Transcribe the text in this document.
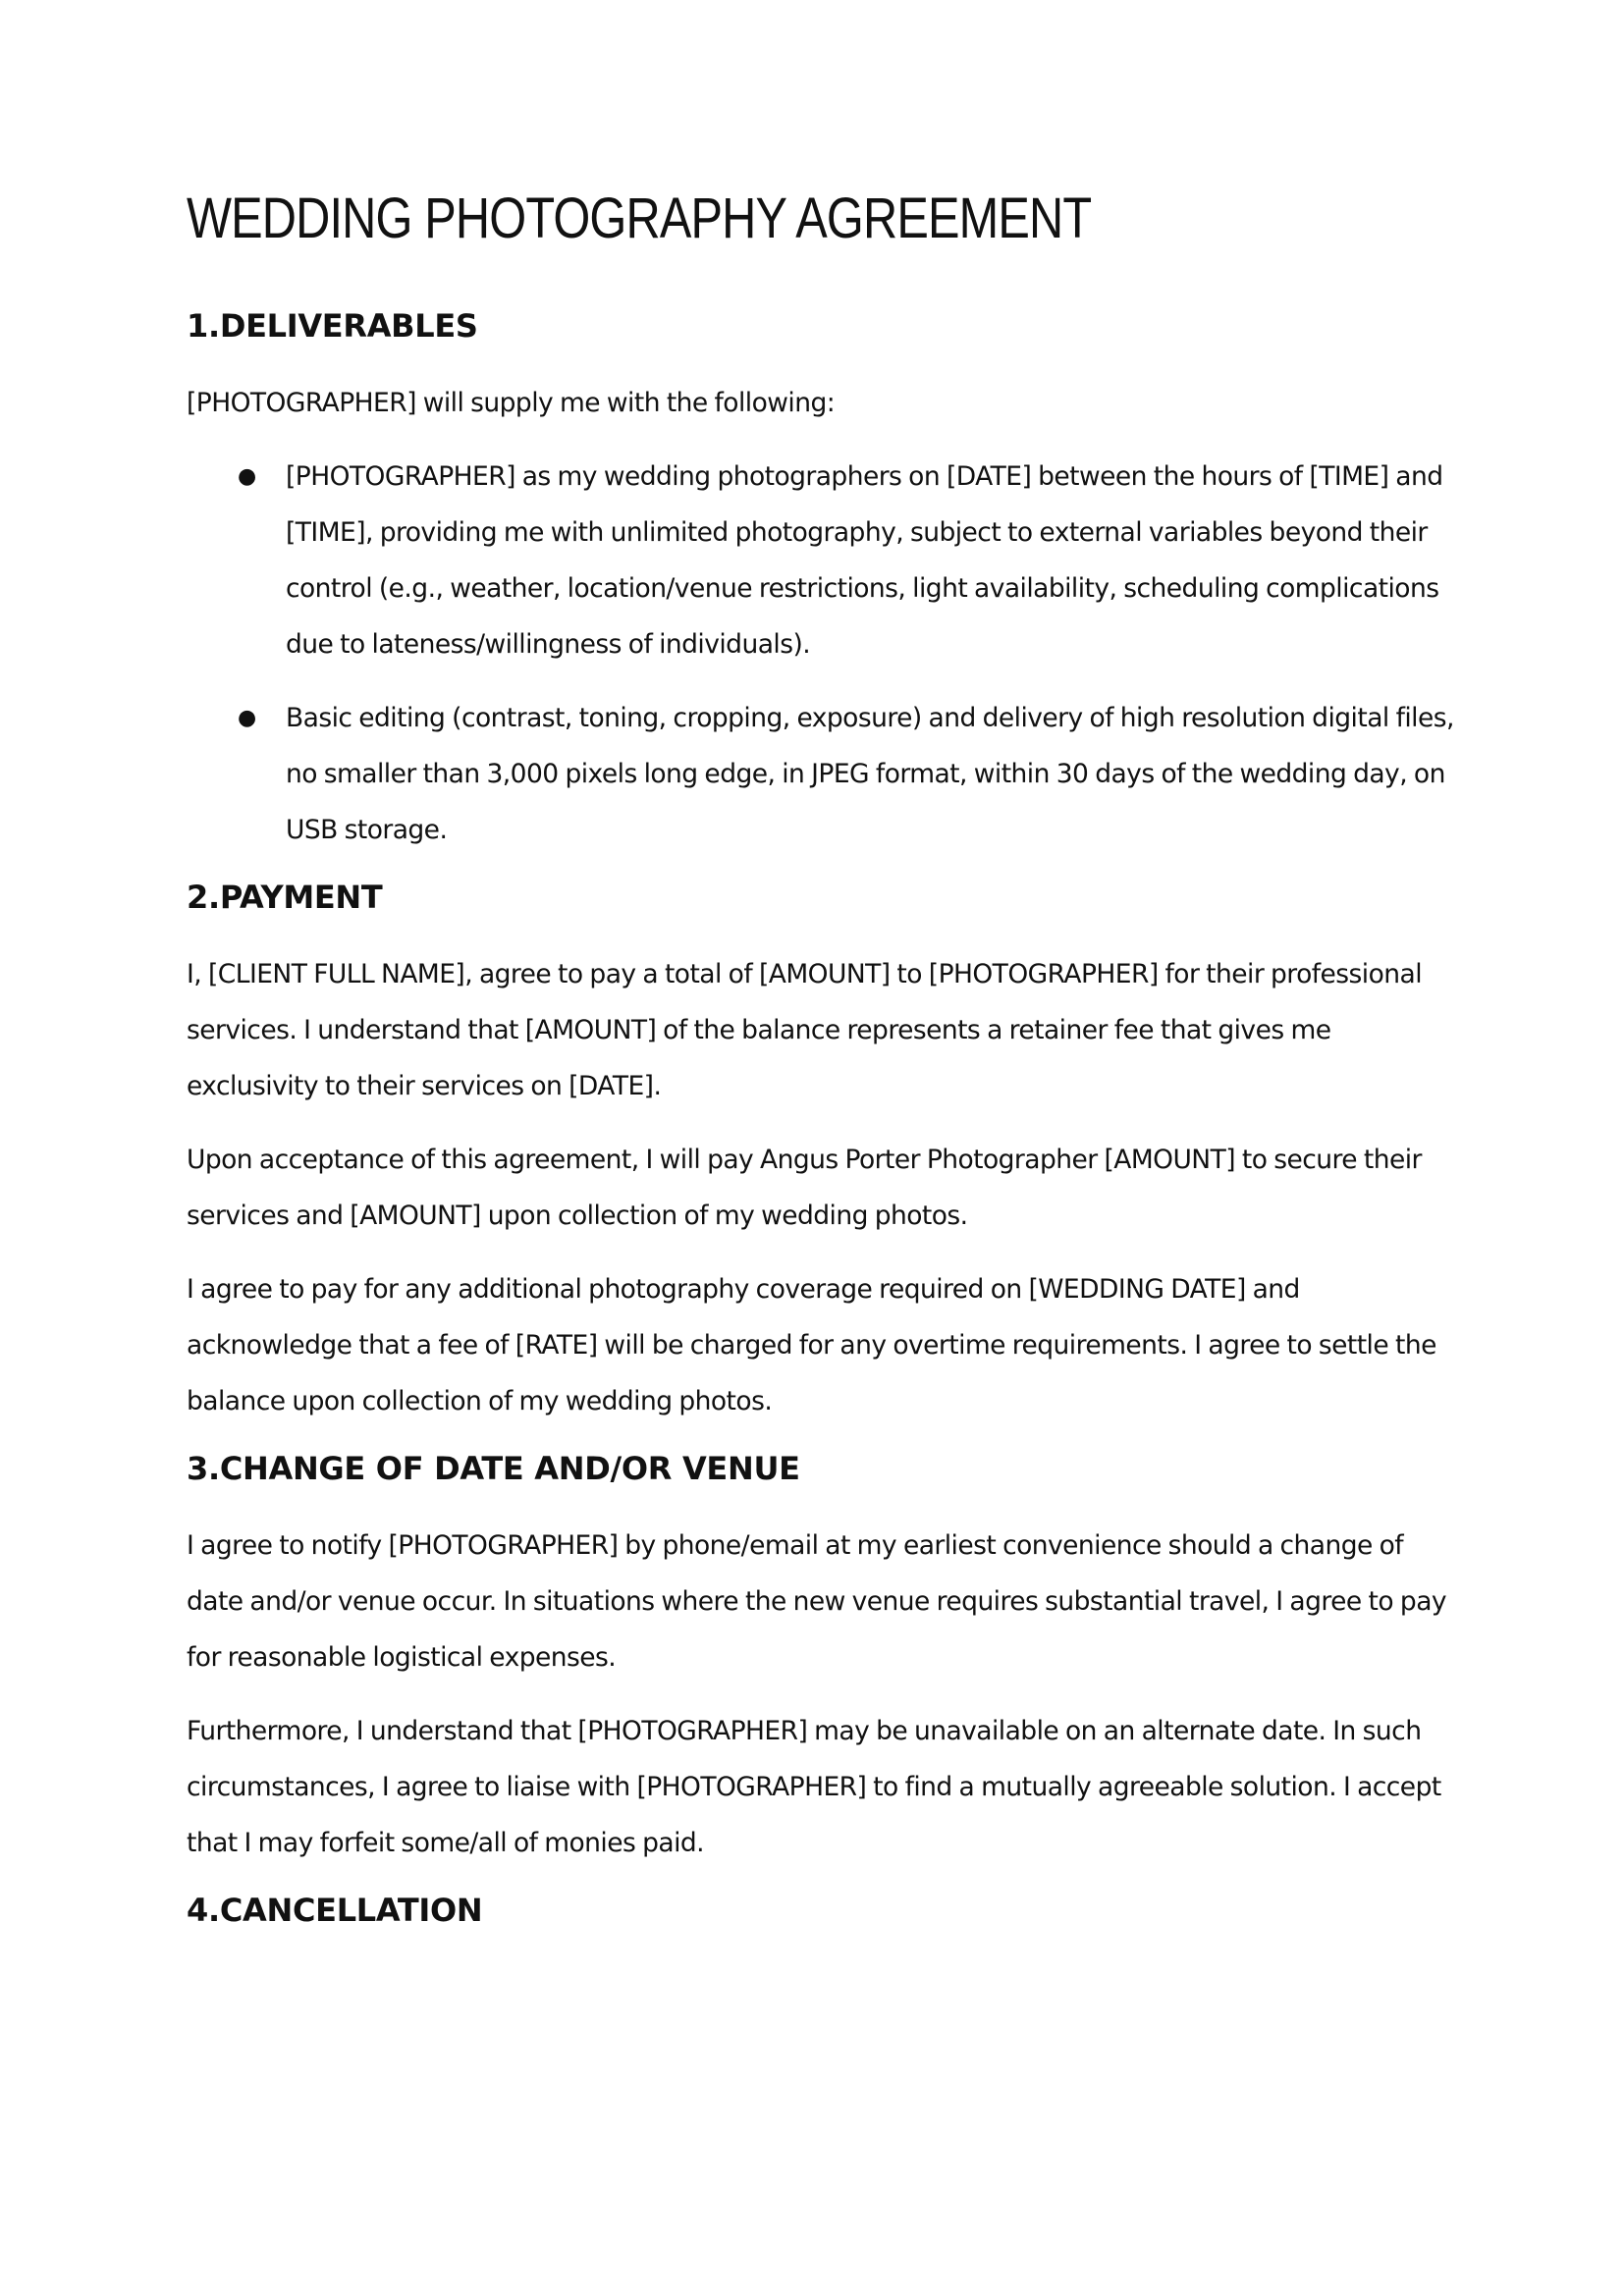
WEDDING PHOTOGRAPHY AGREEMENT
1.DELIVERABLES

[PHOTOGRAPHER] will supply me with the following:

● [PHOTOGRAPHER] as my wedding photographers on [DATE] between the hours of [TIME] and [TIME], providing me with unlimited photography, subject to external variables beyond their control (e.g., weather, location/venue restrictions, light availability, scheduling complications due to lateness/willingness of individuals).
● Basic editing (contrast, toning, cropping, exposure) and delivery of high resolution digital files, no smaller than 3,000 pixels long edge, in JPEG format, within 30 days of the wedding day, on USB storage.
2.PAYMENT

I, [CLIENT FULL NAME], agree to pay a total of [AMOUNT] to [PHOTOGRAPHER] for their professional services. I understand that [AMOUNT] of the balance represents a retainer fee that gives me exclusivity to their services on [DATE].

Upon acceptance of this agreement, I will pay Angus Porter Photographer [AMOUNT] to secure their services and [AMOUNT] upon collection of my wedding photos.

I agree to pay for any additional photography coverage required on [WEDDING DATE] and acknowledge that a fee of [RATE] will be charged for any overtime requirements. I agree to settle the balance upon collection of my wedding photos.

3.CHANGE OF DATE AND/OR VENUE

I agree to notify [PHOTOGRAPHER] by phone/email at my earliest convenience should a change of date and/or venue occur. In situations where the new venue requires substantial travel, I agree to pay for reasonable logistical expenses.

Furthermore, I understand that [PHOTOGRAPHER] may be unavailable on an alternate date. In such circumstances, I agree to liaise with [PHOTOGRAPHER] to find a mutually agreeable solution. I accept that I may forfeit some/all of monies paid.

4.CANCELLATION
